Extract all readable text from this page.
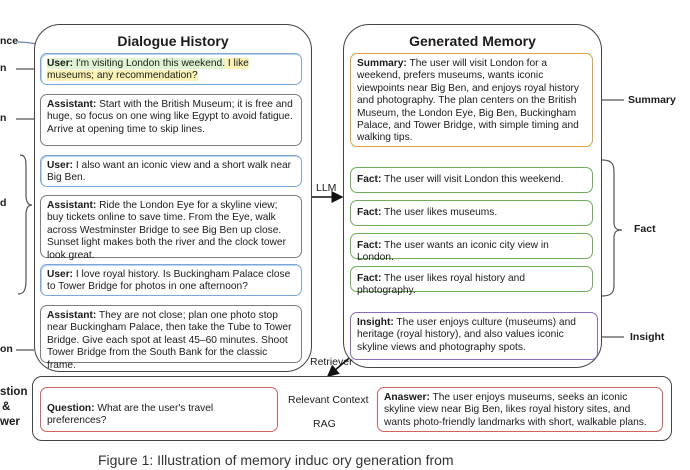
nce
n
n
d
on
stion
&
wer
Dialogue History
User: I'm visiting London this weekend. I like museums; any recommendation?
Assistant: Start with the British Museum; it is free and huge, so focus on one wing like Egypt to avoid fatigue. Arrive at opening time to skip lines.
User: I also want an iconic view and a short walk near Big Ben.
Assistant: Ride the London Eye for a skyline view; buy tickets online to save time. From the Eye, walk across Westminster Bridge to see Big Ben up close. Sunset light makes both the river and the clock tower look great.
User: I love royal history. Is Buckingham Palace close to Tower Bridge for photos in one afternoon?
Assistant: They are not close; plan one photo stop near Buckingham Palace, then take the Tube to Tower Bridge. Give each spot at least 45–60 minutes. Shoot Tower Bridge from the South Bank for the classic frame.
LLM
Generated Memory
Summary: The user will visit London for a weekend, prefers museums, wants iconic viewpoints near Big Ben, and enjoys royal history and photography. The plan centers on the British Museum, the London Eye, Big Ben, Buckingham Palace, and Tower Bridge, with simple timing and walking tips.
Fact: The user will visit London this weekend.
Fact: The user likes museums.
Fact: The user wants an iconic city view in London.
Fact: The user likes royal history and photography.
Insight: The user enjoys culture (museums) and heritage (royal history), and also values iconic skyline views and photography spots.
Summary
Fact
Insight
Retriever
Question: What are the user's travel preferences?
Relevant Context
RAG
Anaswer: The user enjoys museums, seeks an iconic skyline view near Big Ben, likes royal history sites, and wants photo-friendly landmarks with short, walkable plans.
Figure 1: Illustration of memory induc ory generation from
